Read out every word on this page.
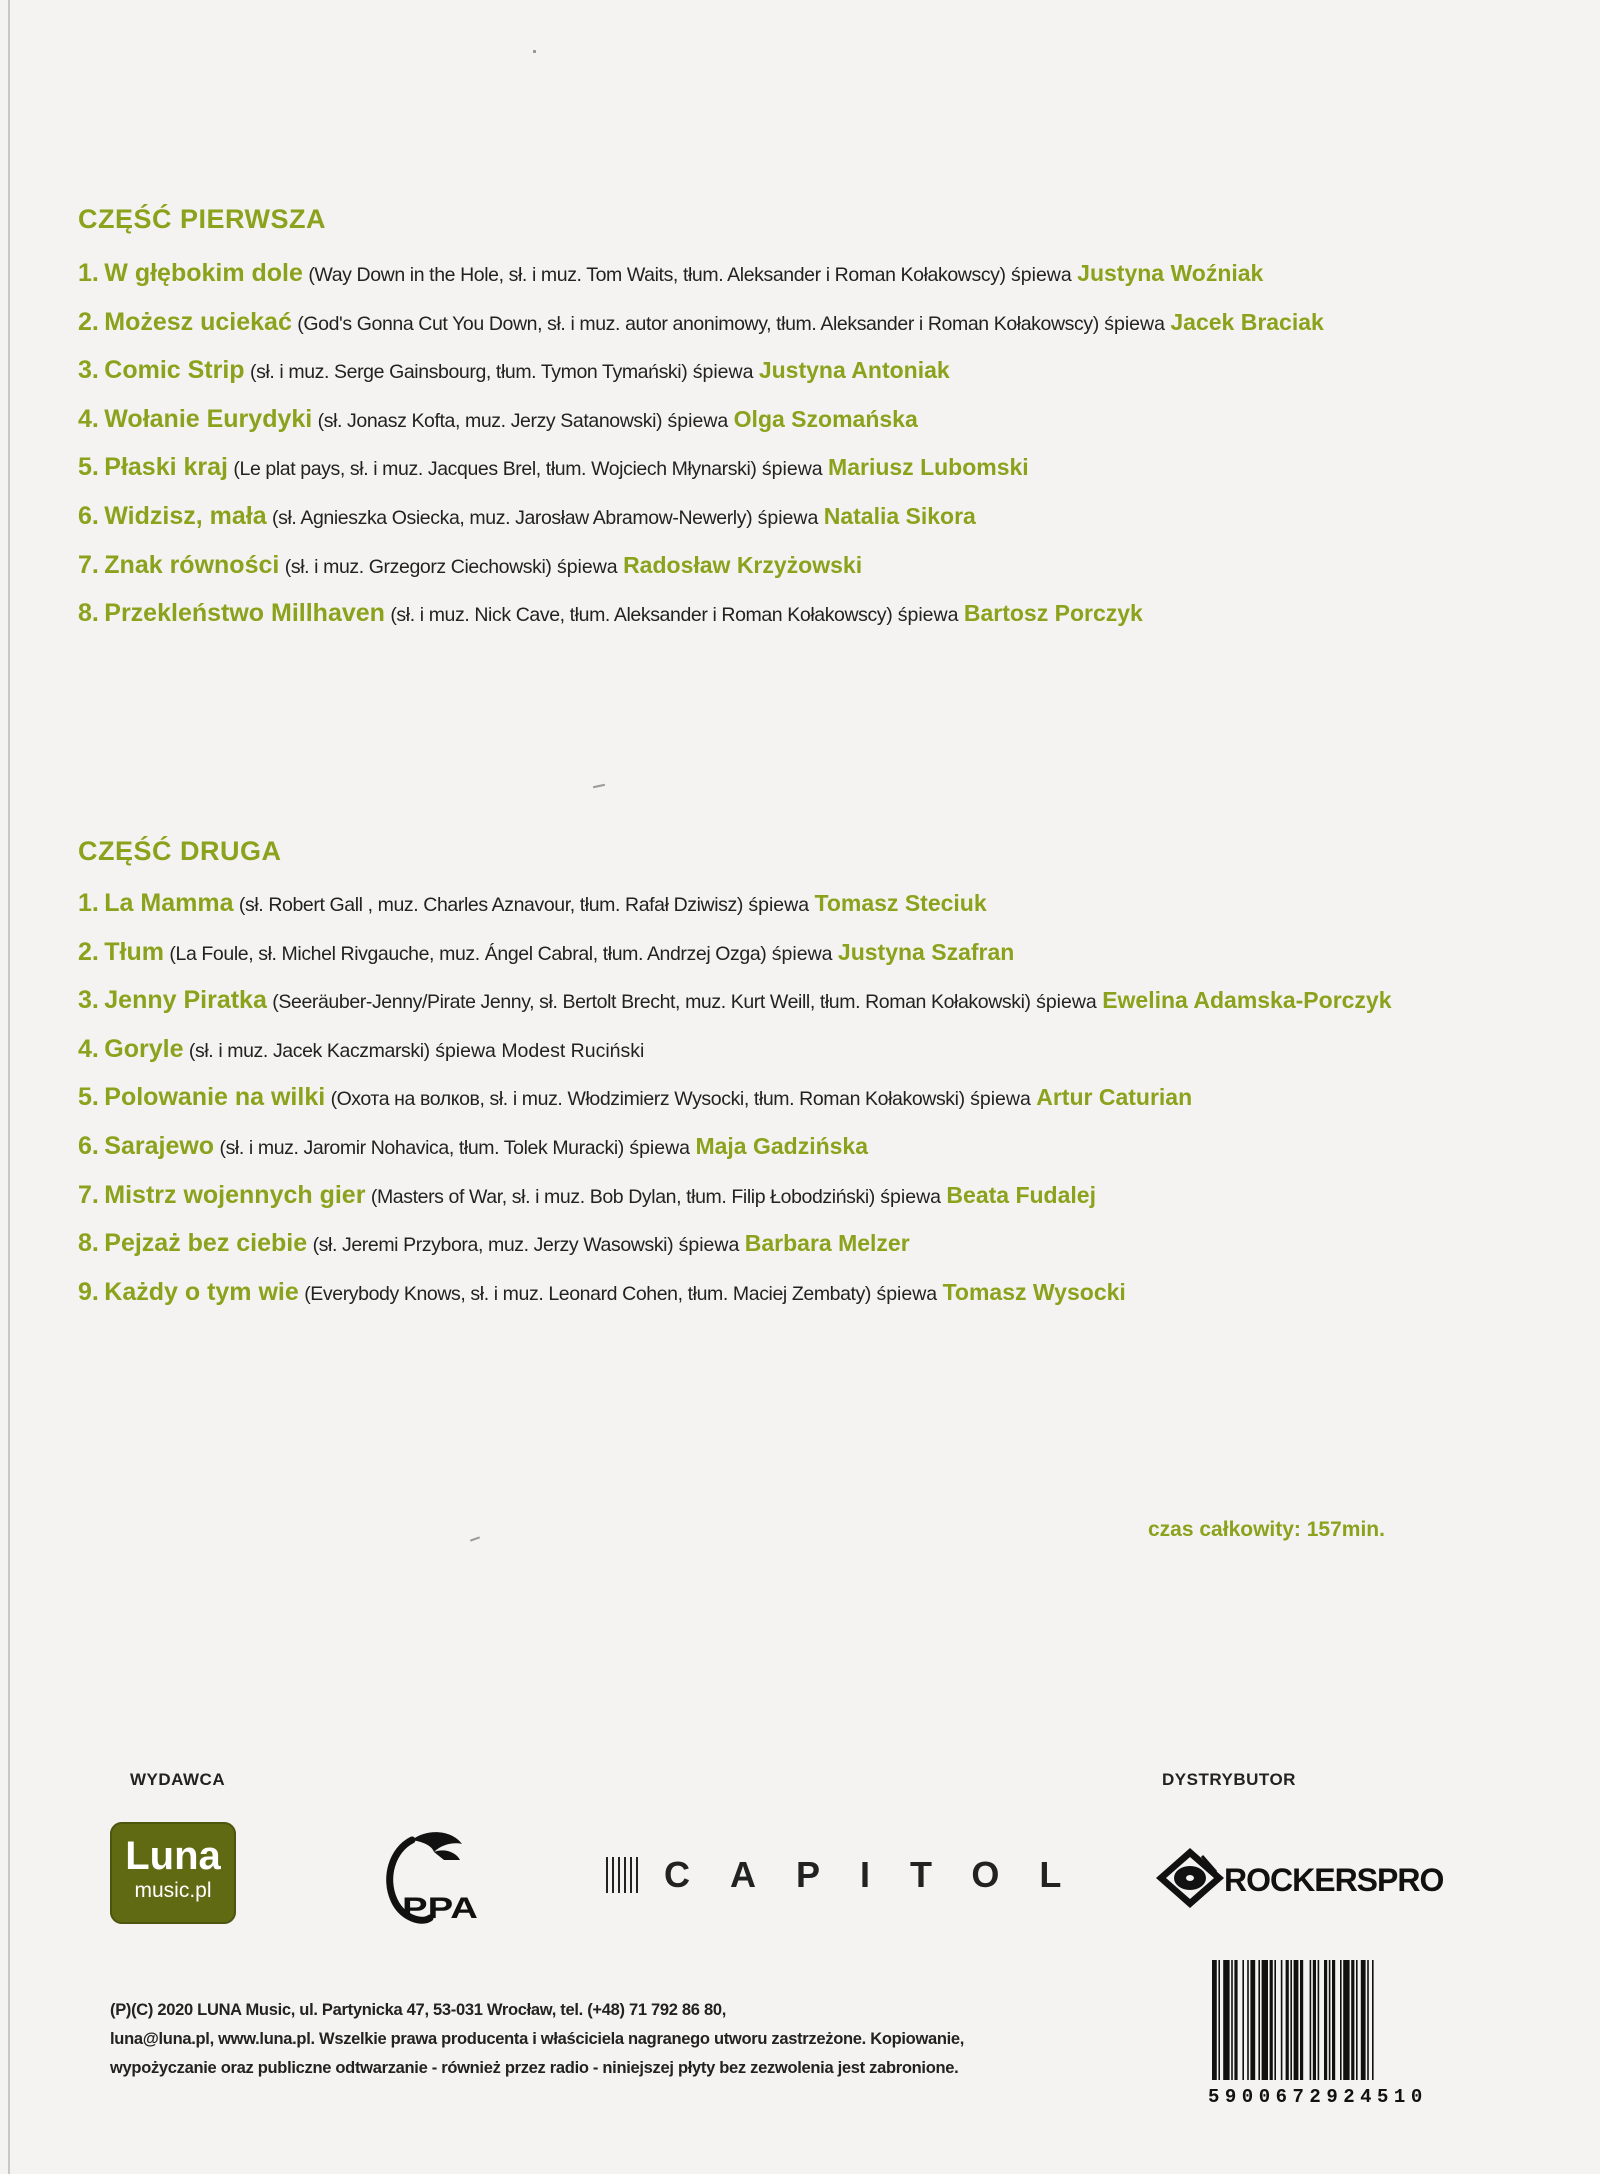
CZĘŚĆ PIERWSZA
1. W głębokim dole (Way Down in the Hole, sł. i muz. Tom Waits, tłum. Aleksander i Roman Kołakowscy) śpiewa Justyna Woźniak
2. Możesz uciekać (God's Gonna Cut You Down, sł. i muz. autor anonimowy, tłum. Aleksander i Roman Kołakowscy) śpiewa Jacek Braciak
3. Comic Strip (sł. i muz. Serge Gainsbourg, tłum. Tymon Tymański) śpiewa Justyna Antoniak
4. Wołanie Eurydyki (sł. Jonasz Kofta, muz. Jerzy Satanowski) śpiewa Olga Szomańska
5. Płaski kraj (Le plat pays, sł. i muz. Jacques Brel, tłum. Wojciech Młynarski) śpiewa Mariusz Lubomski
6. Widzisz, mała (sł. Agnieszka Osiecka, muz. Jarosław Abramow-Newerly) śpiewa Natalia Sikora
7. Znak równości (sł. i muz. Grzegorz Ciechowski) śpiewa Radosław Krzyżowski
8. Przekleństwo Millhaven (sł. i muz. Nick Cave, tłum. Aleksander i Roman Kołakowscy) śpiewa Bartosz Porczyk
CZĘŚĆ DRUGA
1. La Mamma (sł. Robert Gall , muz. Charles Aznavour, tłum. Rafał Dziwisz) śpiewa Tomasz Steciuk
2. Tłum (La Foule, sł. Michel Rivgauche, muz. Ángel Cabral, tłum. Andrzej Ozga) śpiewa Justyna Szafran
3. Jenny Piratka (Seeräuber-Jenny/Pirate Jenny, sł. Bertolt Brecht, muz. Kurt Weill, tłum. Roman Kołakowski) śpiewa Ewelina Adamska-Porczyk
4. Goryle (sł. i muz. Jacek Kaczmarski) śpiewa Modest Ruciński
5. Polowanie na wilki (Охота на волков, sł. i muz. Włodzimierz Wysocki, tłum. Roman Kołakowski) śpiewa Artur Caturian
6. Sarajewo (sł. i muz. Jaromir Nohavica, tłum. Tolek Muracki) śpiewa Maja Gadzińska
7. Mistrz wojennych gier (Masters of War, sł. i muz. Bob Dylan, tłum. Filip Łobodziński) śpiewa Beata Fudalej
8. Pejzaż bez ciebie (sł. Jeremi Przybora, muz. Jerzy Wasowski) śpiewa Barbara Melzer
9. Każdy o tym wie (Everybody Knows, sł. i muz. Leonard Cohen, tłum. Maciej Zembaty) śpiewa Tomasz Wysocki
czas całkowity: 157min.
WYDAWCA	DYSTRYBUTOR
Luna
music.pl
PPA
CAPITOL	ROCKERSPRO
(P)(C) 2020 LUNA Music, ul. Partynicka 47, 53-031 Wrocław, tel. (+48) 71 792 86 80,
luna@luna.pl, www.luna.pl. Wszelkie prawa producenta i właściciela nagranego utworu zastrzeżone. Kopiowanie,
wypożyczanie oraz publiczne odtwarzanie - również przez radio - niniejszej płyty bez zezwolenia jest zabronione.
5900672924510
